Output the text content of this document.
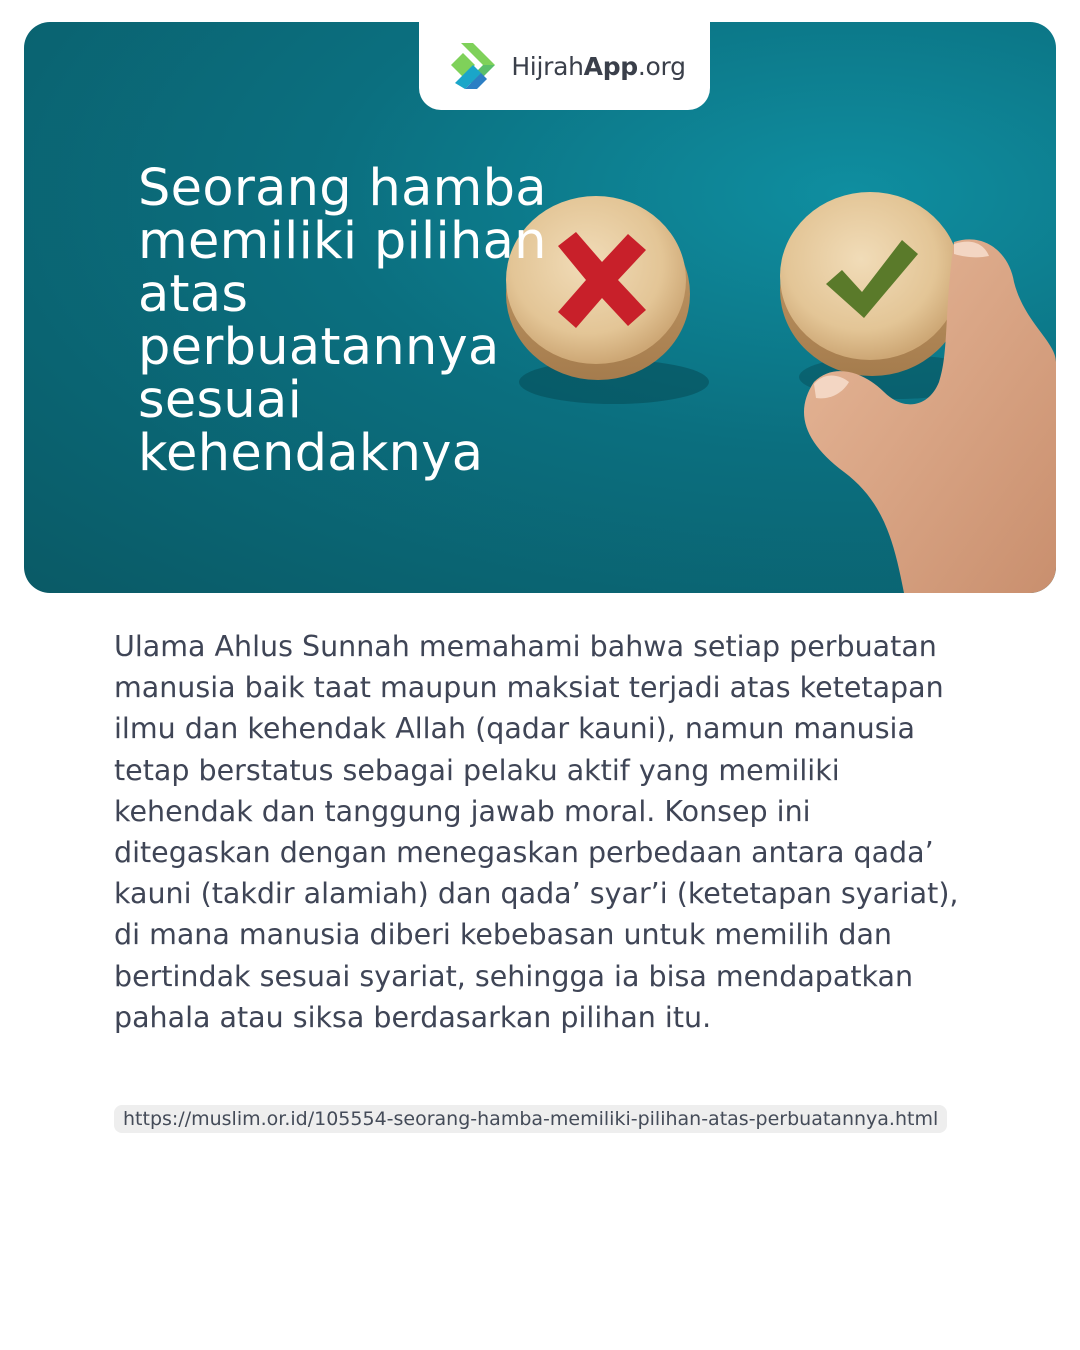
HijrahApp.org
Seorang hamba memiliki pilihan atas perbuatannya sesuai kehendaknya

Ulama Ahlus Sunnah memahami bahwa setiap perbuatan manusia baik taat maupun maksiat terjadi atas ketetapan ilmu dan kehendak Allah (qadar kauni), namun manusia tetap berstatus sebagai pelaku aktif yang memiliki kehendak dan tanggung jawab moral. Konsep ini ditegaskan dengan menegaskan perbedaan antara qada’ kauni (takdir alamiah) dan qada’ syar’i (ketetapan syariat), di mana manusia diberi kebebasan untuk memilih dan bertindak sesuai syariat, sehingga ia bisa mendapatkan pahala atau siksa berdasarkan pilihan itu.

https://muslim.or.id/105554-seorang-hamba-memiliki-pilihan-atas-perbuatannya.html
